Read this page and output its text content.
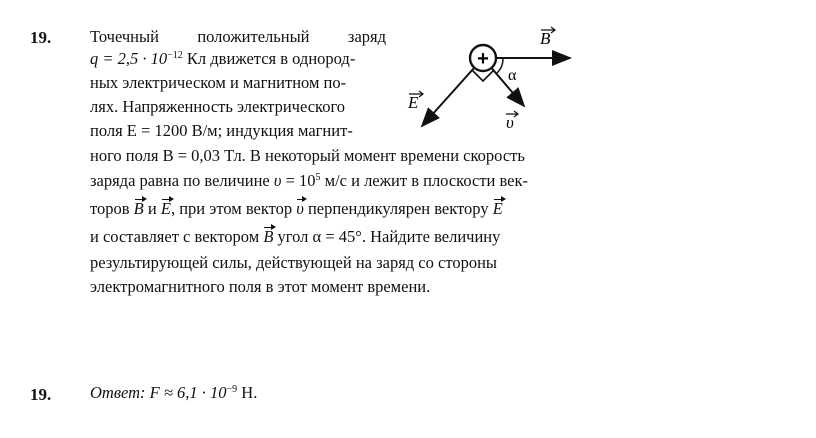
19. Точечный положительный заряд
$q = 2,5 \cdot 10^{-12}$ Кл движется в однород-
ных электрическом и магнитном по-
лях. Напряженность электрического
поля E = 1200 В/м; индукция магнит-
ного поля B = 0,03 Тл. В некоторый момент времени скорость
заряда равна по величине $\upsilon = 10^5$ м/с и лежит в плоскости век-
торов B и E, при этом вектор υ перпендикулярен вектору E
и составляет с вектором B угол α = 45°. Найдите величину
результирующей силы, действующей на заряд со стороны
электромагнитного поля в этот момент времени.
+
B
E
υ
α
19. Ответ: $F \approx 6,1 \cdot 10^{-9}$ Н.
